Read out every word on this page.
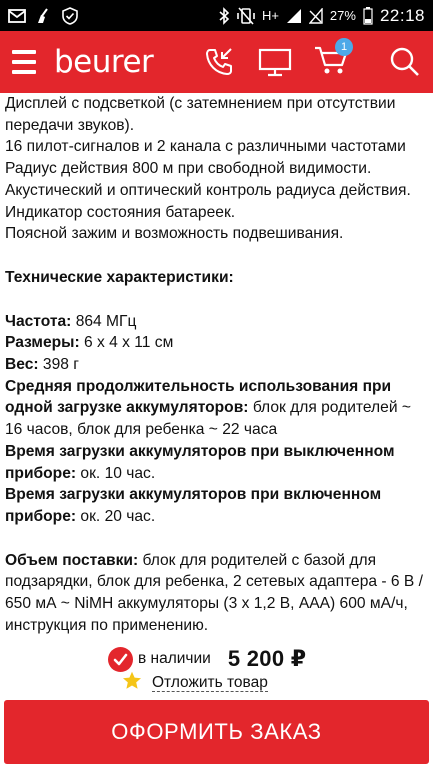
H+	27% 22:18
beurer	1
Дисплей с подсветкой (с затемнением при отсутствии передачи звуков).
16 пилот-сигналов и 2 канала с различными частотами
Радиус действия 800 м при свободной видимости.
Акустический и оптический контроль радиуса действия.
Индикатор состояния батареек.
Поясной зажим и возможность подвешивания.
Технические характеристики:
Частота: 864 МГц
Размеры: 6 х 4 х 11 см
Вес: 398 г
Средняя продолжительность использования при одной загрузке аккумуляторов: блок для родителей ~ 16 часов, блок для ребенка ~ 22 часа
Время загрузки аккумуляторов при выключенном приборе: ок. 10 час.
Время загрузки аккумуляторов при включенном приборе: ок. 20 час.
Объем поставки: блок для родителей с базой для подзарядки, блок для ребенка, 2 сетевых адаптера - 6 В / 650 мА ~ NiMH аккумуляторы (3 х 1,2 В, AAA) 600 мА/ч, инструкция по применению.
в наличии 5 200 ₽
Отложить товар
ОФОРМИТЬ ЗАКАЗ
